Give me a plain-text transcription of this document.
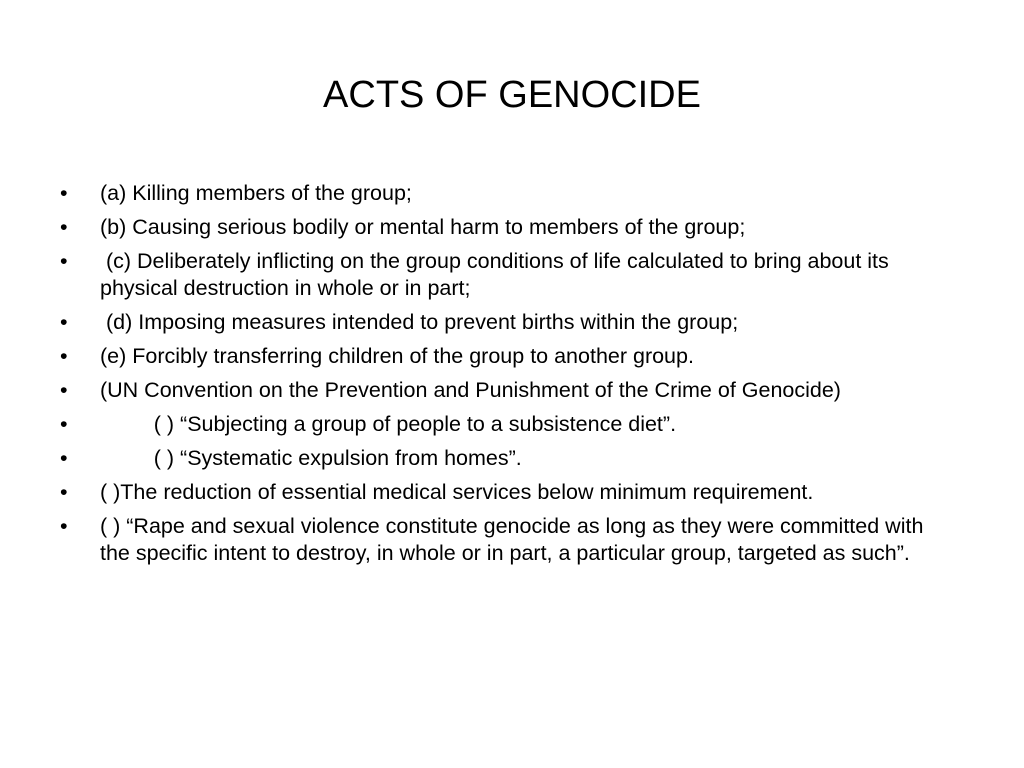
ACTS OF GENOCIDE
•	(a) Killing members of the group;
•	(b) Causing serious bodily or mental harm to members of the group;
•	(c) Deliberately inflicting on the group conditions of life calculated to bring about its physical destruction in whole or in part;
•	(d) Imposing measures intended to prevent births within the group;
•	(e) Forcibly transferring children of the group to another group.
•	(UN Convention on the Prevention and Punishment of the Crime of Genocide)
•	( ) “Subjecting a group of people to a subsistence diet”.
•	( ) “Systematic expulsion from homes”.
•	( )The reduction of essential medical services below minimum requirement.
•	( ) “Rape and sexual violence constitute genocide as long as they were committed with the specific intent to destroy, in whole or in part, a particular group, targeted as such”.
